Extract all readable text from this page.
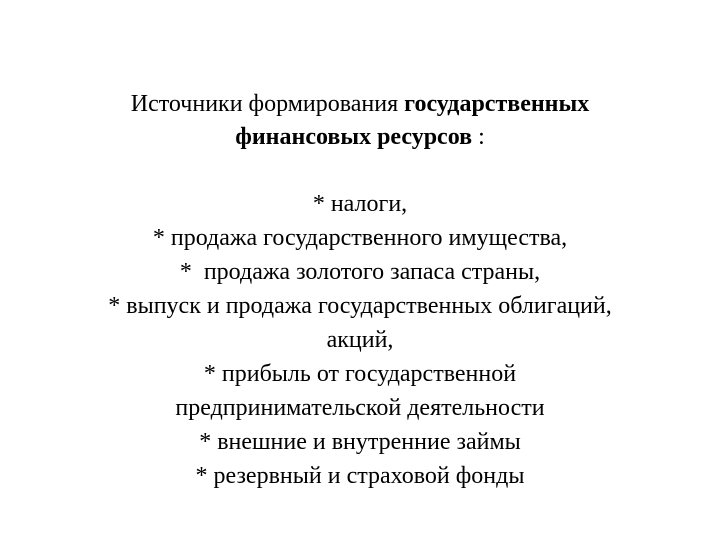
Источники формирования государственных
финансовых ресурсов :
* налоги,
* продажа государственного имущества,
*  продажа золотого запаса страны,
* выпуск и продажа государственных облигаций,
акций,
* прибыль от государственной
предпринимательской деятельности
* внешние и внутренние займы
* резервный и страховой фонды
